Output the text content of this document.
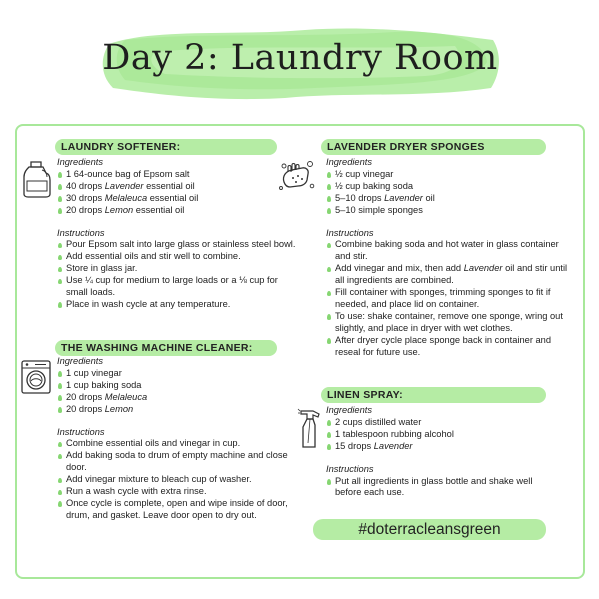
Day 2: Laundry Room
LAUNDRY SOFTENER:
Ingredients
1 64-ounce bag of Epsom salt
40 drops Lavender essential oil
30 drops Melaleuca essential oil
20 drops Lemon essential oil
Instructions
Pour Epsom salt into large glass or stainless steel bowl.
Add essential oils and stir well to combine.
Store in glass jar.
Use ¼ cup for medium to large loads or a ⅛ cup for small loads.
Place in wash cycle at any temperature.
THE WASHING MACHINE CLEANER:
Ingredients
1 cup vinegar
1 cup baking soda
20 drops Melaleuca
20 drops Lemon
Instructions
Combine essential oils and vinegar in cup.
Add baking soda to drum of empty machine and close door.
Add vinegar mixture to bleach cup of washer.
Run a wash cycle with extra rinse.
Once cycle is complete, open and wipe inside of door, drum, and gasket. Leave door open to dry out.
LAVENDER DRYER SPONGES
Ingredients
½ cup vinegar
½ cup baking soda
5–10 drops Lavender oil
5–10 simple sponges
Instructions
Combine baking soda and hot water in glass container and stir.
Add vinegar and mix, then add Lavender oil and stir until all ingredients are combined.
Fill container with sponges, trimming sponges to fit if needed, and place lid on container.
To use: shake container, remove one sponge, wring out slightly, and place in dryer with wet clothes.
After dryer cycle place sponge back in container and reseal for future use.
LINEN SPRAY:
Ingredients
2 cups distilled water
1 tablespoon rubbing alcohol
15 drops Lavender
Instructions
Put all ingredients in glass bottle and shake well before each use.
#doterracleansgreen
